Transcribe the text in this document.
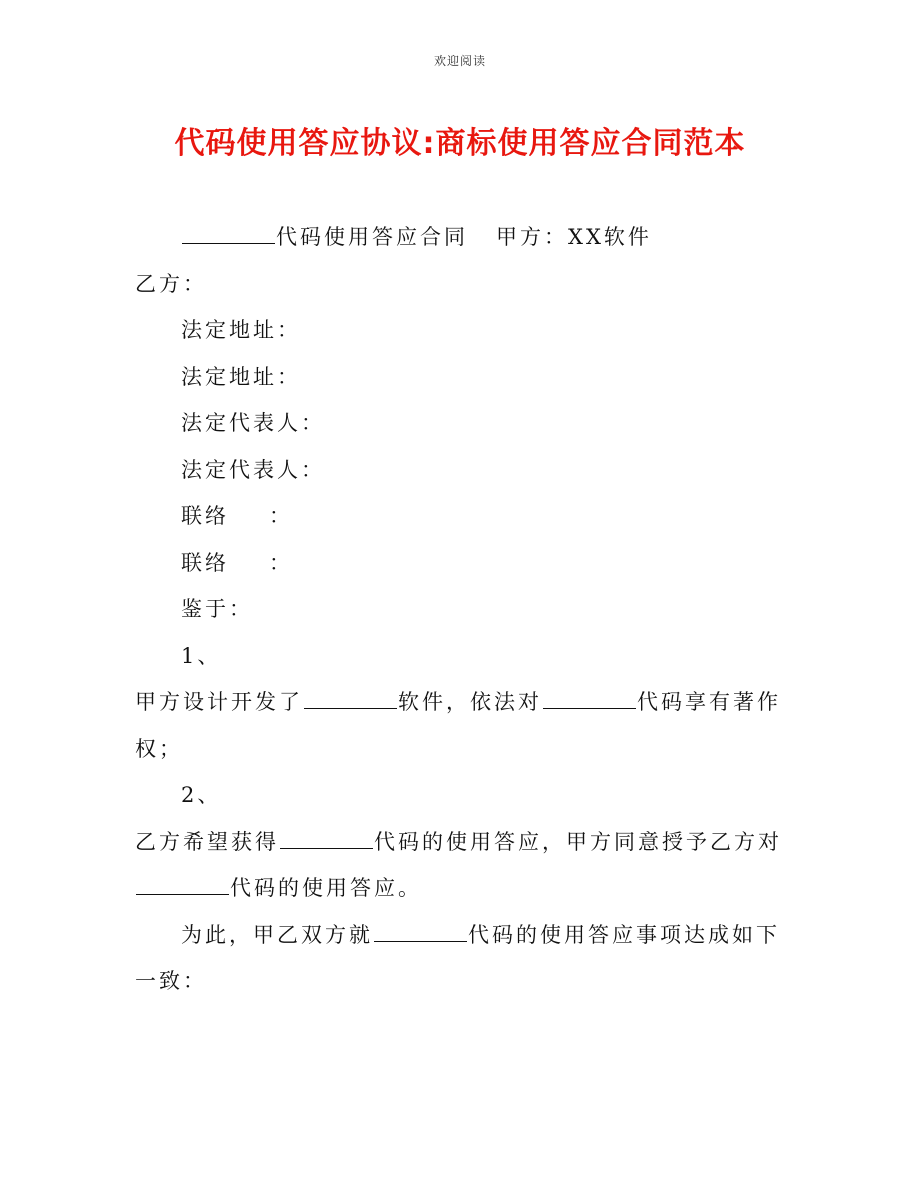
欢迎阅读
代码使用答应协议:商标使用答应合同范本
代码使用答应合同 甲方：XX软件
乙方：
法定地址：
法定地址：
法定代表人：
法定代表人：
联络 ：
联络 ：
鉴于：
1、
甲方设计开发了	软件，依法对	代码享有著作权；
2、
乙方希望获得	代码的使用答应，甲方同意授予乙方对代码的使用答应。
为此，甲乙双方就	代码的使用答应事项达成如下一致：
